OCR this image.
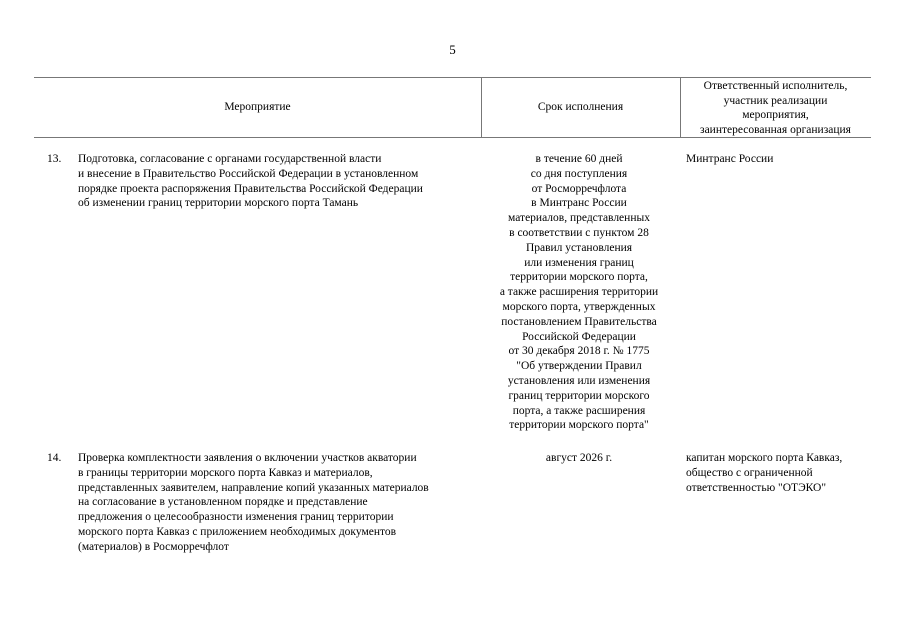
5
Мероприятие	Срок исполнения
Ответственный исполнитель,
участник реализации
мероприятия,
заинтересованная организация
13. Подготовка, согласование с органами государственной власти
и внесение в Правительство Российской Федерации в установленном
порядке проекта распоряжения Правительства Российской Федерации
об изменении границ территории морского порта Тамань
в течение 60 дней
со дня поступления
от Росморречфлота
в Минтранс России
материалов, представленных
в соответствии с пунктом 28
Правил установления
или изменения границ
территории морского порта,
а также расширения территории
морского порта, утвержденных
постановлением Правительства
Российской Федерации
от 30 декабря 2018 г. № 1775
"Об утверждении Правил
установления или изменения
границ территории морского
порта, а также расширения
территории морского порта"
Минтранс России
14. Проверка комплектности заявления о включении участков акватории
в границы территории морского порта Кавказ и материалов,
представленных заявителем, направление копий указанных материалов
на согласование в установленном порядке и представление
предложения о целесообразности изменения границ территории
морского порта Кавказ с приложением необходимых документов
(материалов) в Росморречфлот
август 2026 г.	капитан морского порта Кавказ,
общество с ограниченной
ответственностью "ОТЭКО"
